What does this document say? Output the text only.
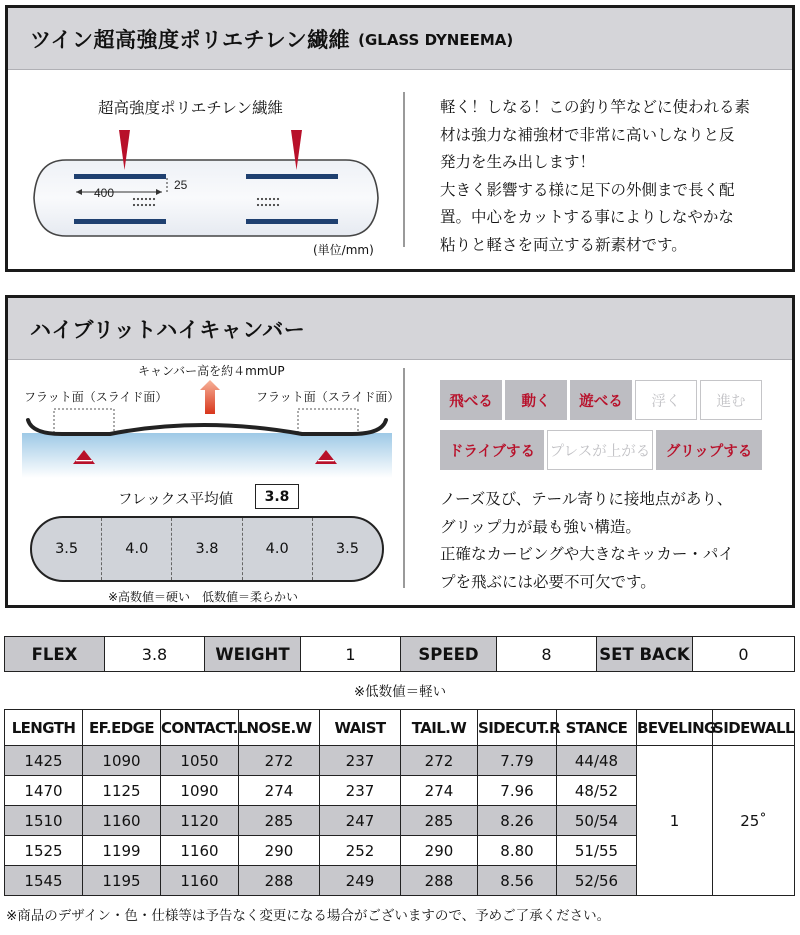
ツイン超高強度ポリエチレン繊維 (GLASS DYNEEMA)
超高強度ポリエチレン繊維
400
25
(単位/mm)
軽く！しなる！この釣り竿などに使われる素
材は強力な補強材で非常に高いしなりと反
発力を生み出します！
大きく影響する様に足下の外側まで長く配
置。中心をカットする事によりしなやかな
粘りと軽さを両立する新素材です。
ハイブリットハイキャンバー
キャンバー高を約４mmUP
フラット面（スライド面）	フラット面（スライド面）
フレックス平均値	3.8
3.5	4.0	3.8	4.0	3.5
※高数値＝硬い　低数値＝柔らかい
飛べる	動く	遊べる	浮く	進む
ドライブする	プレスが上がる	グリップする
ノーズ及び、テール寄りに接地点があり、
グリップ力が最も強い構造。
正確なカービングや大きなキッカー・パイ
プを飛ぶには必要不可欠です。
FLEX	3.8	WEIGHT	1	SPEED	8	SET BACK	0
※低数値＝軽い
LENGTH	EF.EDGE	CONTACT.L	NOSE.W	WAIST	TAIL.W	SIDECUT.R	STANCE	BEVELING	SIDEWALL
1425	1090	1050	272	237	272	7.79	44/48	1	25˚
1470	1125	1090	274	237	274	7.96	48/52		
1510	1160	1120	285	247	285	8.26	50/54		
1525	1199	1160	290	252	290	8.80	51/55		
1545	1195	1160	288	249	288	8.56	52/56		
※商品のデザイン・色・仕様等は予告なく変更になる場合がございますので、予めご了承ください。
